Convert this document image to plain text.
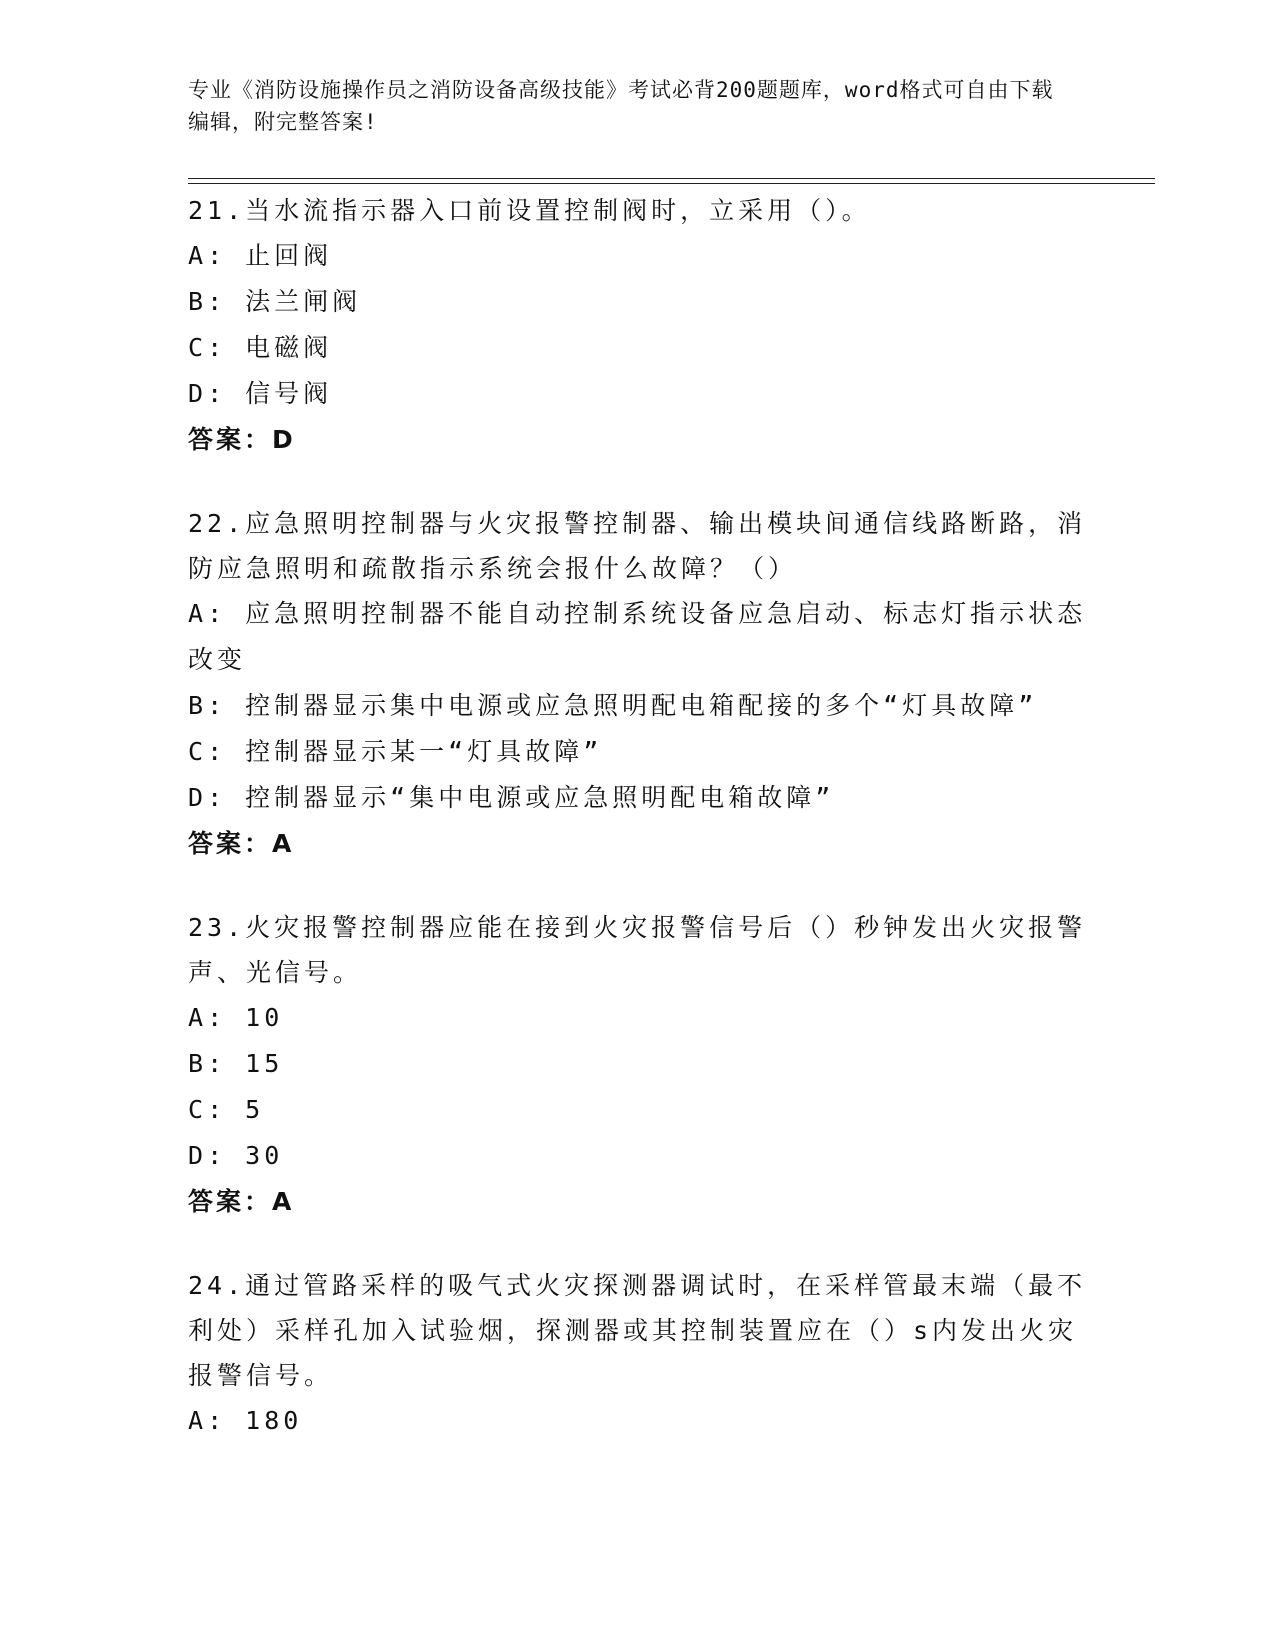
专业《消防设施操作员之消防设备高级技能》考试必背200题题库，word格式可自由下载编辑，附完整答案!

21.当水流指示器入口前设置控制阀时，立采用（）。

A: 止回阀

B: 法兰闸阀

C: 电磁阀

D: 信号阀

答案：D

22.应急照明控制器与火灾报警控制器、输出模块间通信线路断路，消防应急照明和疏散指示系统会报什么故障？（）

A: 应急照明控制器不能自动控制系统设备应急启动、标志灯指示状态改变

B: 控制器显示集中电源或应急照明配电箱配接的多个“灯具故障”

C: 控制器显示某一“灯具故障”

D: 控制器显示“集中电源或应急照明配电箱故障”

答案：A

23.火灾报警控制器应能在接到火灾报警信号后（）秒钟发出火灾报警声、光信号。

A: 10

B: 15

C: 5

D: 30

答案：A

24.通过管路采样的吸气式火灾探测器调试时，在采样管最末端（最不利处）采样孔加入试验烟，探测器或其控制装置应在（）s内发出火灾报警信号。

A: 180
